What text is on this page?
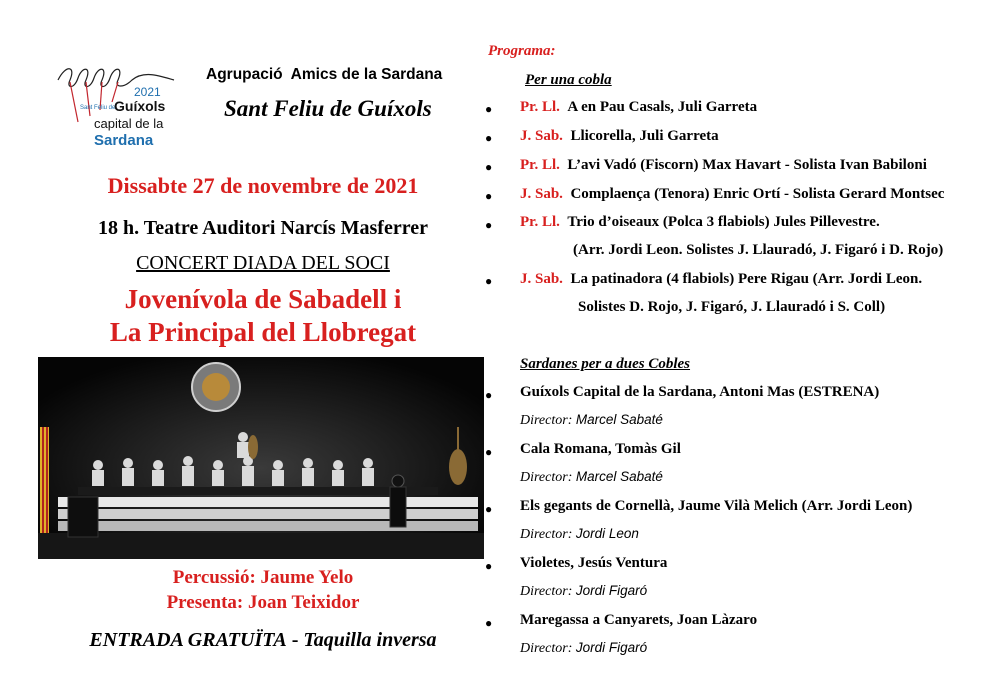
2021
Sant Feliu de
Guíxols
capital de la
Sardana
Agrupació  Amics de la Sardana
Sant Feliu de Guíxols
Dissabte 27 de novembre de 2021
18 h. Teatre Auditori Narcís Masferrer
CONCERT DIADA DEL SOCI
Jovenívola de Sabadell i
La Principal del Llobregat
Percussió: Jaume Yelo
Presenta: Joan Teixidor
ENTRADA GRATUÏTA - Taquilla inversa
Programa:
Per una cobla
● Pr. Ll. A en Pau Casals, Juli Garreta
● J. Sab. Llicorella, Juli Garreta
● Pr. Ll. L’avi Vadó (Fiscorn) Max Havart - Solista Ivan Babiloni
● J. Sab. Complaença (Tenora) Enric Ortí - Solista Gerard Montsec
● Pr. Ll. Trio d’oiseaux (Polca 3 flabiols) Jules Pillevestre.
(Arr. Jordi Leon. Solistes J. Llauradó, J. Figaró i D. Rojo)
● J. Sab. La patinadora (4 flabiols) Pere Rigau (Arr. Jordi Leon.
Solistes D. Rojo, J. Figaró, J. Llauradó i S. Coll)
Sardanes per a dues Cobles
● Guíxols Capital de la Sardana, Antoni Mas (ESTRENA)
Director: Marcel Sabaté
● Cala Romana, Tomàs Gil
Director: Marcel Sabaté
● Els gegants de Cornellà, Jaume Vilà Melich (Arr. Jordi Leon)
Director: Jordi Leon
● Violetes, Jesús Ventura
Director: Jordi Figaró
● Maregassa a Canyarets, Joan Làzaro
Director: Jordi Figaró
